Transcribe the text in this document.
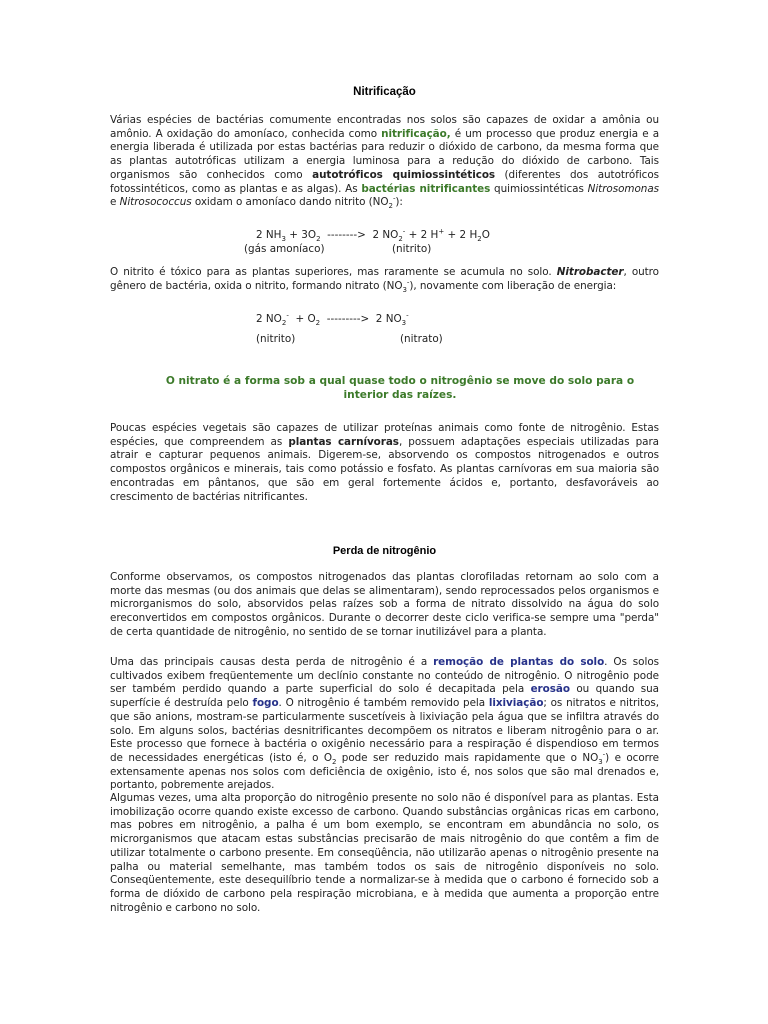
Nitrificação

Várias espécies de bactérias comumente encontradas nos solos são capazes de oxidar a amônia ou amônio. A oxidação do amoníaco, conhecida como nitrificação, é um processo que produz energia e a energia liberada é utilizada por estas bactérias para reduzir o dióxido de carbono, da mesma forma que as plantas autotróficas utilizam a energia luminosa para a redução do dióxido de carbono. Tais organismos são conhecidos como autotróficos quimiossintéticos (diferentes dos autotróficos fotossintéticos, como as plantas e as algas). As bactérias nitrificantes quimiossintéticas Nitrosomonas e Nitrosococcus oxidam o amoníaco dando nitrito $(NO_2^-)$:

2 $NH_3 + 3O_2$  -------->  2 $NO_2^- + 2$ H+ + 2 $H_2O$
(gás amoníaco)	(nitrito)

O nitrito é tóxico para as plantas superiores, mas raramente se acumula no solo. Nitrobacter, outro gênero de bactéria, oxida o nitrito, formando nitrato $(NO_3^-)$, novamente com liberação de energia:

2 $NO_2^- + O_2$  --------->  2 $NO_3^-$
(nitrito)	(nitrato)
O nitrato é a forma sob a qual quase todo o nitrogênio se move do solo para o interior das raízes.

Poucas espécies vegetais são capazes de utilizar proteínas animais como fonte de nitrogênio. Estas espécies, que compreendem as plantas carnívoras, possuem adaptações especiais utilizadas para atrair e capturar pequenos animais. Digerem-se, absorvendo os compostos nitrogenados e outros compostos orgânicos e minerais, tais como potássio e fosfato. As plantas carnívoras em sua maioria são encontradas em pântanos, que são em geral fortemente ácidos e, portanto, desfavoráveis ao crescimento de bactérias nitrificantes.

Perda de nitrogênio

Conforme observamos, os compostos nitrogenados das plantas clorofiladas retornam ao solo com a morte das mesmas (ou dos animais que delas se alimentaram), sendo reprocessados pelos organismos e microrganismos do solo, absorvidos pelas raízes sob a forma de nitrato dissolvido na água do solo ereconvertidos em compostos orgânicos. Durante o decorrer deste ciclo verifica-se sempre uma "perda" de certa quantidade de nitrogênio, no sentido de se tornar inutilizável para a planta.

Uma das principais causas desta perda de nitrogênio é a remoção de plantas do solo. Os solos cultivados exibem freqüentemente um declínio constante no conteúdo de nitrogênio. O nitrogênio pode ser também perdido quando a parte superficial do solo é decapitada pela erosão ou quando sua superfície é destruída pelo fogo. O nitrogênio é também removido pela lixiviação; os nitratos e nitritos, que são anions, mostram-se particularmente suscetíveis à lixiviação pela água que se infiltra através do solo. Em alguns solos, bactérias desnitrificantes decompõem os nitratos e liberam nitrogênio para o ar. Este processo que fornece à bactéria o oxigênio necessário para a respiração é dispendioso em termos de necessidades energéticas (isto é, o $O_2$ pode ser reduzido mais rapidamente que o $NO_3^-$) e ocorre extensamente apenas nos solos com deficiência de oxigênio, isto é, nos solos que são mal drenados e, portanto, pobremente arejados.

Algumas vezes, uma alta proporção do nitrogênio presente no solo não é disponível para as plantas. Esta imobilização ocorre quando existe excesso de carbono. Quando substâncias orgânicas ricas em carbono, mas pobres em nitrogênio, a palha é um bom exemplo, se encontram em abundância no solo, os microrganismos que atacam estas substâncias precisarão de mais nitrogênio do que contêm a fim de utilizar totalmente o carbono presente. Em conseqüência, não utilizarão apenas o nitrogênio presente na palha ou material semelhante, mas também todos os sais de nitrogênio disponíveis no solo. Conseqüentemente, este desequilíbrio tende a normalizar-se à medida que o carbono é fornecido sob a forma de dióxido de carbono pela respiração microbiana, e à medida que aumenta a proporção entre nitrogênio e carbono no solo.
